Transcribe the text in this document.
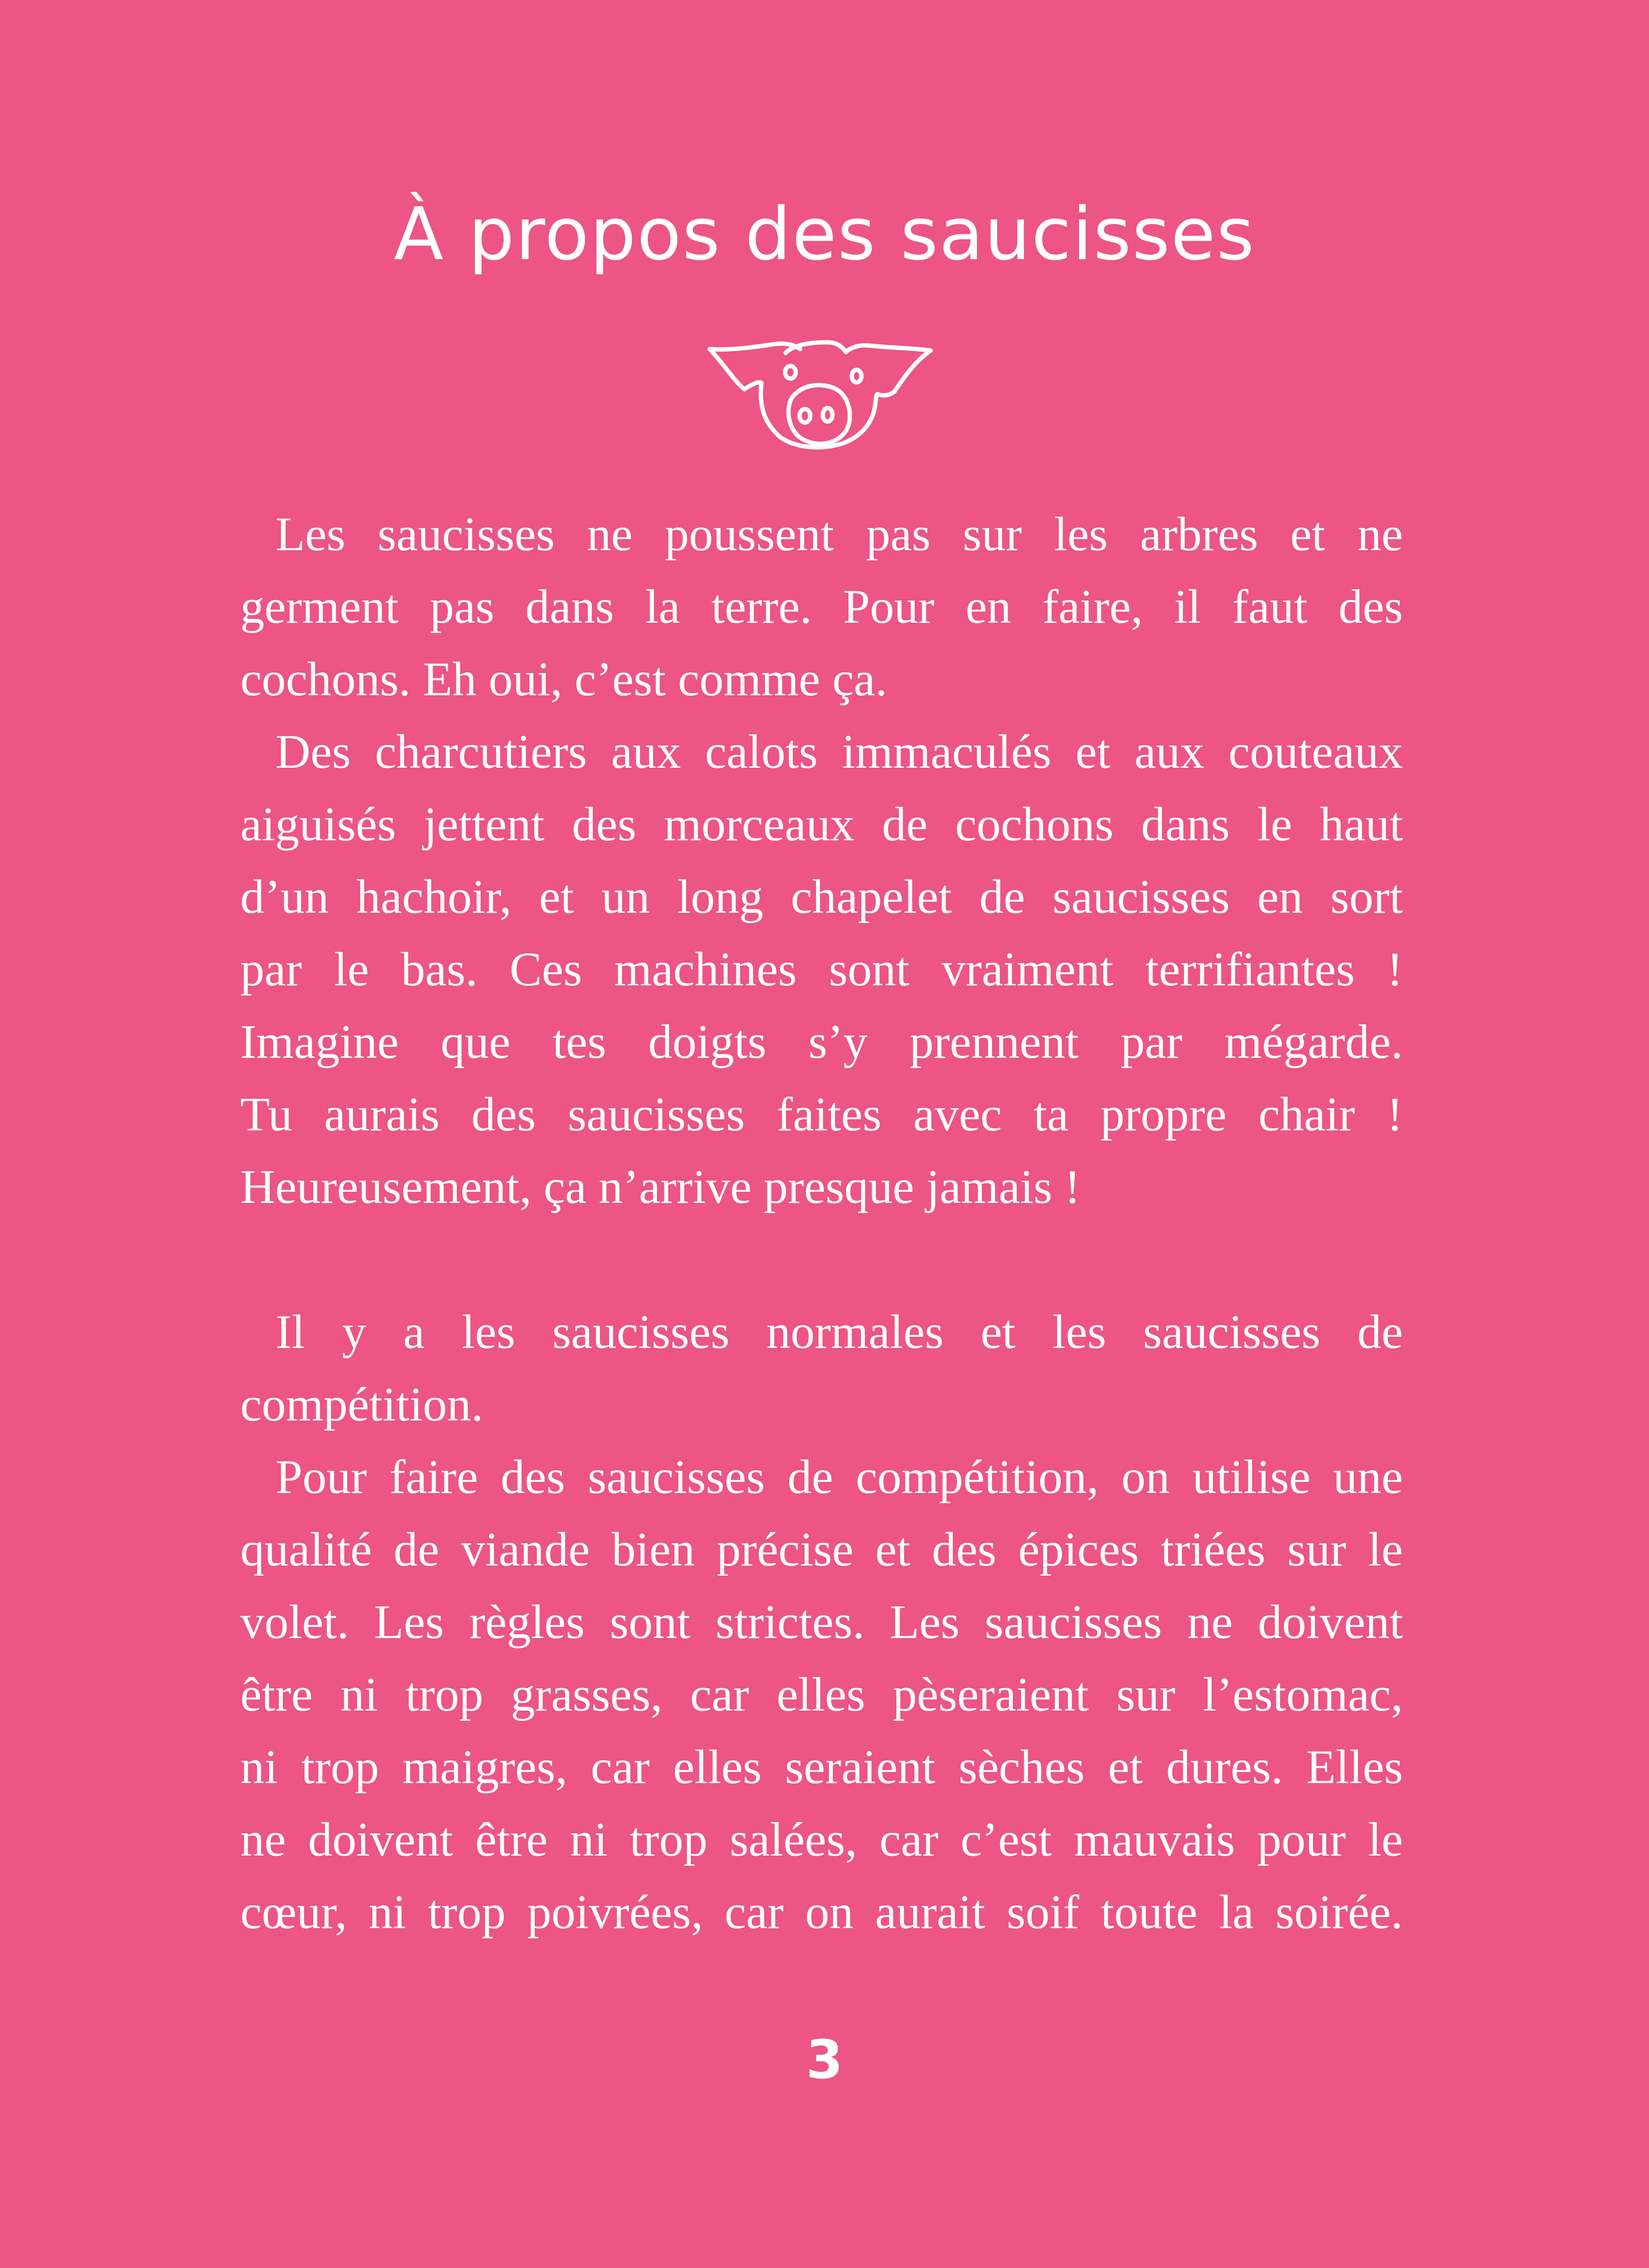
À propos des saucisses
Les saucisses ne poussent pas sur les arbres et ne
germent pas dans la terre. Pour en faire, il faut des
cochons. Eh oui, c’est comme ça.
Des charcutiers aux calots immaculés et aux couteaux
aiguisés jettent des morceaux de cochons dans le haut
d’un hachoir, et un long chapelet de saucisses en sort
par le bas. Ces machines sont vraiment terrifiantes !
Imagine que tes doigts s’y prennent par mégarde.
Tu aurais des saucisses faites avec ta propre chair !
Heureusement, ça n’arrive presque jamais !
Il y a les saucisses normales et les saucisses de
compétition.
Pour faire des saucisses de compétition, on utilise une
qualité de viande bien précise et des épices triées sur le
volet. Les règles sont strictes. Les saucisses ne doivent
être ni trop grasses, car elles pèseraient sur l’estomac,
ni trop maigres, car elles seraient sèches et dures. Elles
ne doivent être ni trop salées, car c’est mauvais pour le
cœur, ni trop poivrées, car on aurait soif toute la soirée.
3
